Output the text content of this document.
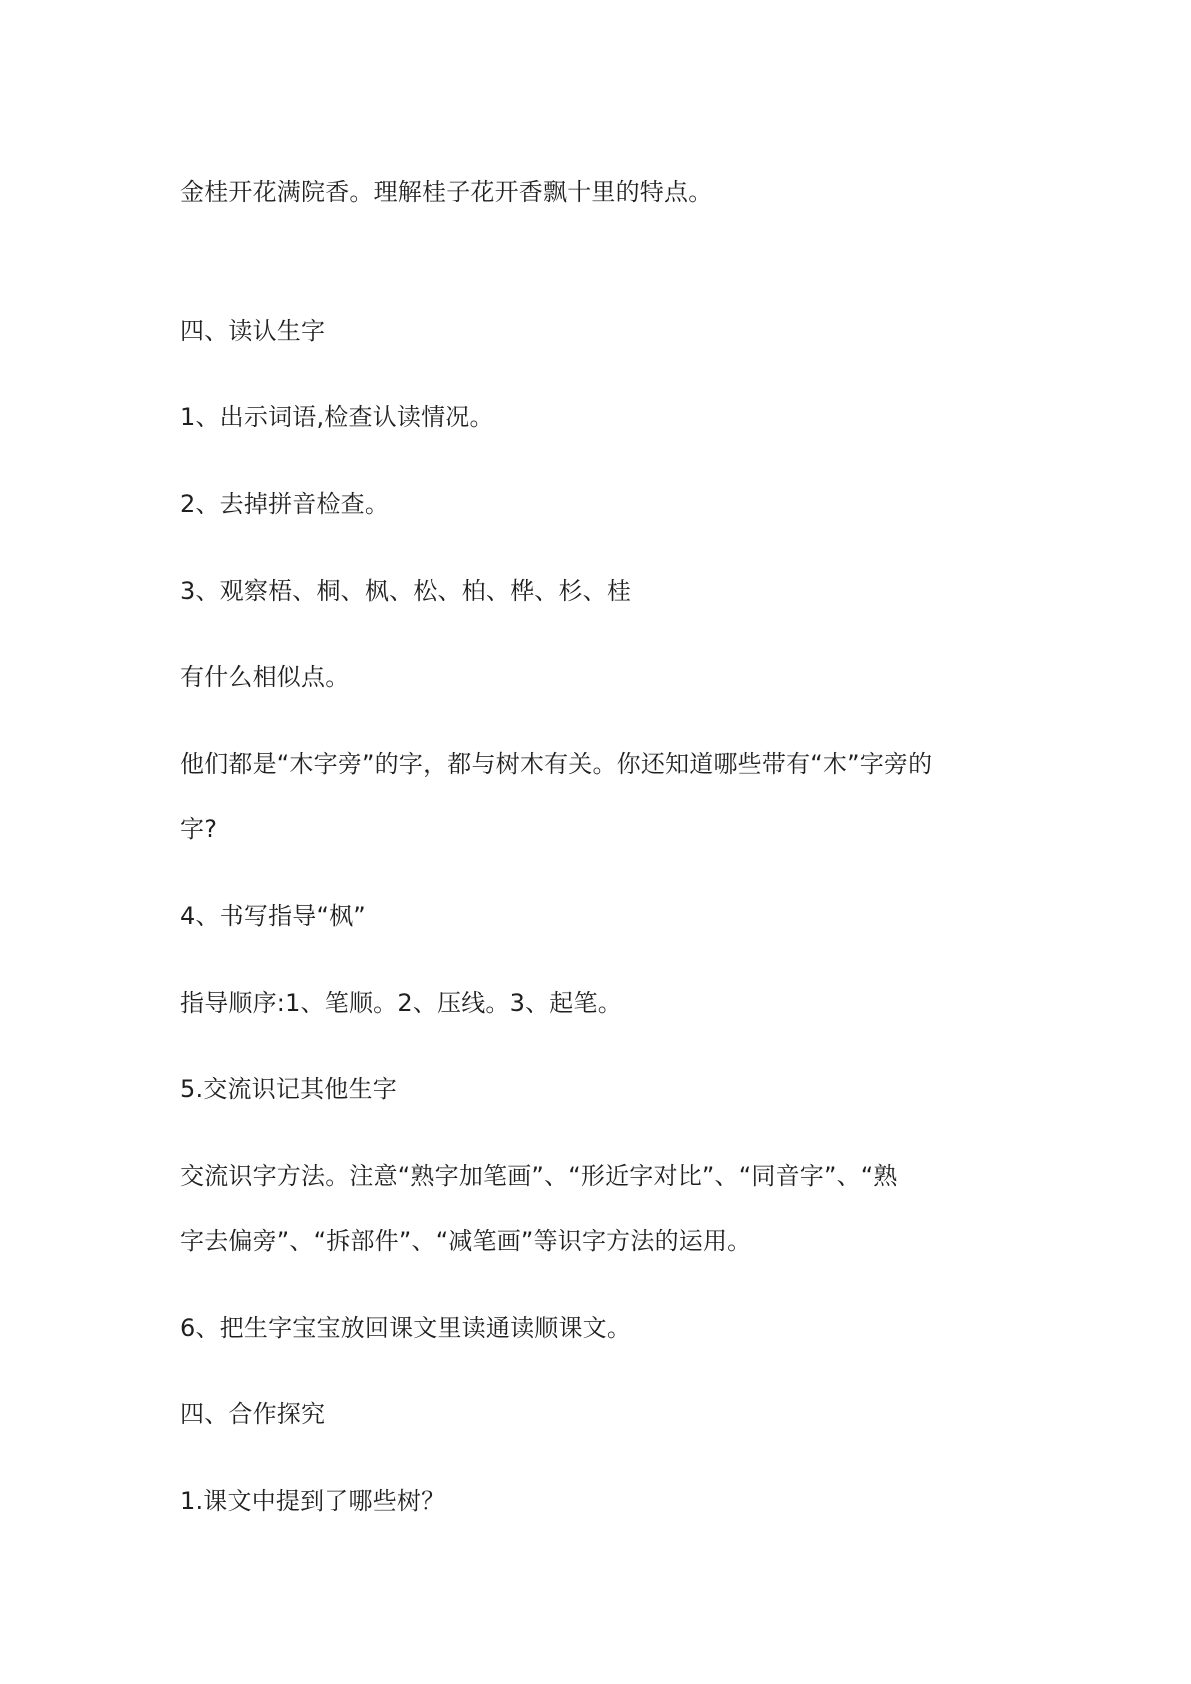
金桂开花满院香。理解桂子花开香飘十里的特点。
四、读认生字
1、出示词语,检查认读情况。
2、去掉拼音检查。
3、观察梧、桐、枫、松、柏、桦、杉、桂
有什么相似点。
他们都是“木字旁”的字，都与树木有关。你还知道哪些带有“木”字旁的
字?
4、书写指导“枫”
指导顺序:1、笔顺。2、压线。3、起笔。
5.交流识记其他生字
交流识字方法。注意“熟字加笔画”、“形近字对比”、“同音字”、“熟
字去偏旁”、“拆部件”、“减笔画”等识字方法的运用。
6、把生字宝宝放回课文里读通读顺课文。
四、合作探究
1.课文中提到了哪些树？
